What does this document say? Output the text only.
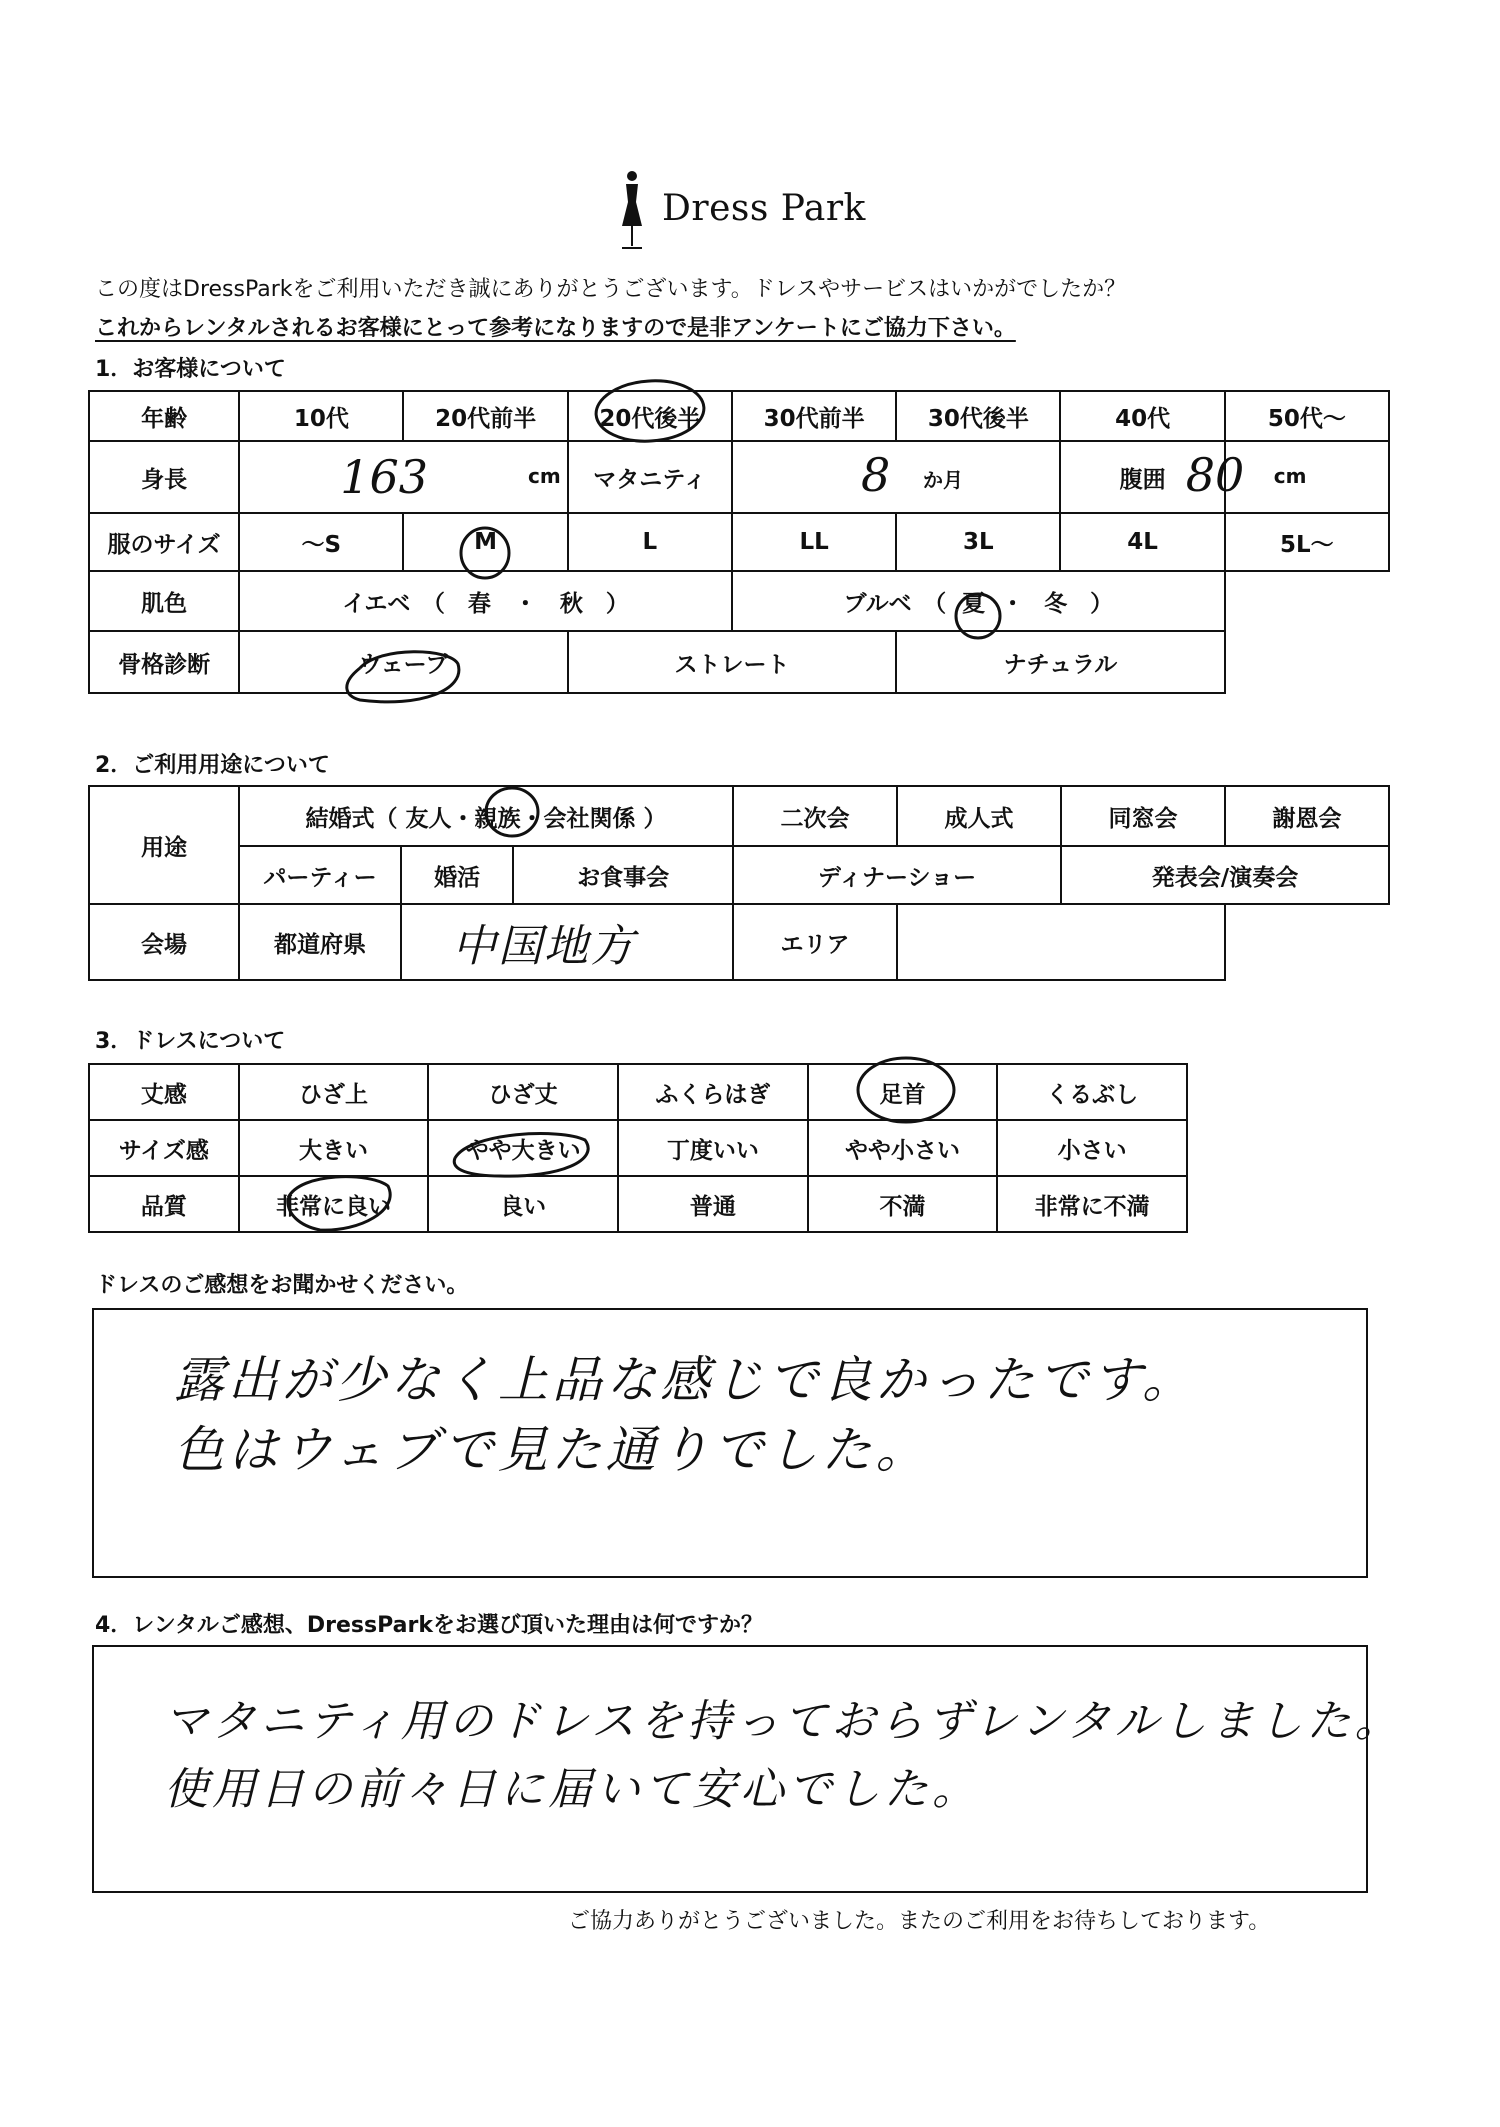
Dress Park
この度はDressParkをご利用いただき誠にありがとうございます。ドレスやサービスはいかがでしたか？
これからレンタルされるお客様にとって参考になりますので是非アンケートにご協力下さい。
1．お客様について
年齢	10代	20代前半	20代後半	30代前半	30代後半	40代	50代～
身長	163 cm		マタニティ	8 か月		腹囲	80 cm

服のサイズ	～S	M	L	LL	3L	4L	5L～
肌色	イエベ　（　春　・　秋　）			ブルベ　（ 夏 ・ 冬　）			
骨格診断	ウェーブ		ストレート		ナチュラル		
2．ご利用用途について
用途	結婚式（ 友人・親族・会社関係 ）			二次会	成人式	同窓会	謝恩会
	パーティー	婚活	お食事会	ディナーショー		発表会/演奏会	
会場	都道府県	中国地方		エリア			
3．ドレスについて
丈感	ひざ上	ひざ丈	ふくらはぎ	足首	くるぶし
サイズ感	大きい	やや大きい	丁度いい	やや小さい	小さい
品質	非常に良い	良い	普通	不満	非常に不満
ドレスのご感想をお聞かせください。
露出が少なく上品な感じで良かったです。
色はウェブで見た通りでした。
4．レンタルご感想、DressParkをお選び頂いた理由は何ですか？
マタニティ用のドレスを持っておらずレンタルしました。
使用日の前々日に届いて安心でした。
ご協力ありがとうございました。またのご利用をお待ちしております。
